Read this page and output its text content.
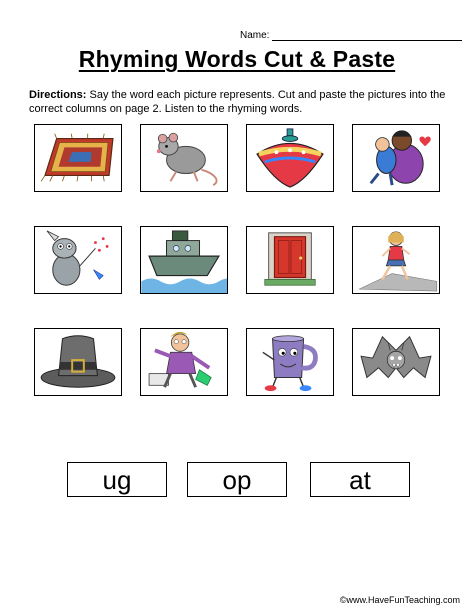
Name:
Rhyming Words Cut & Paste
Directions: Say the word each picture represents. Cut and paste the pictures into the correct columns on page 2. Listen to the rhyming words.
ug	op	at
©www.HaveFunTeaching.com
